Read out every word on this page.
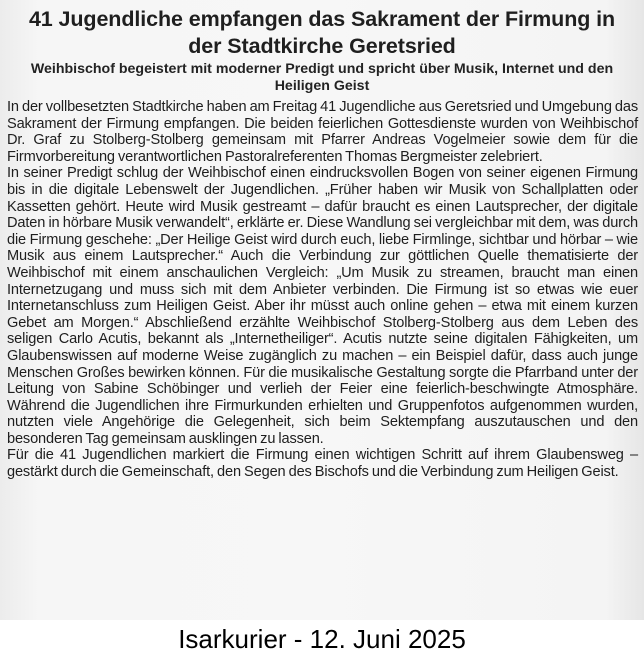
41 Jugendliche empfangen das Sakrament der Firmung in der Stadtkirche Geretsried
Weihbischof begeistert mit moderner Predigt und spricht über Musik, Internet und den Heiligen Geist

In der vollbesetzten Stadtkirche haben am Freitag 41 Jugendliche aus Geretsried und Umgebung das Sakrament der Firmung empfangen. Die beiden feierlichen Gottesdienste wurden von Weihbischof Dr. Graf zu Stolberg-Stolberg gemeinsam mit Pfarrer Andreas Vogelmeier sowie dem für die Firmvorbereitung verantwortlichen Pastoralreferenten Thomas Bergmeister zelebriert.

In seiner Predigt schlug der Weihbischof einen eindrucksvollen Bogen von seiner eigenen Firmung bis in die digitale Lebenswelt der Jugendlichen. „Früher haben wir Musik von Schallplatten oder Kassetten gehört. Heute wird Musik gestreamt – dafür braucht es einen Lautsprecher, der digitale Daten in hörbare Musik verwandelt“, erklärte er. Diese Wandlung sei vergleichbar mit dem, was durch die Firmung geschehe: „Der Heilige Geist wird durch euch, liebe Firmlinge, sichtbar und hörbar – wie Musik aus einem Lautsprecher.“ Auch die Verbindung zur göttlichen Quelle thematisierte der Weihbischof mit einem anschaulichen Vergleich: „Um Musik zu streamen, braucht man einen Internetzugang und muss sich mit dem Anbieter verbinden. Die Firmung ist so etwas wie euer Internetanschluss zum Heiligen Geist. Aber ihr müsst auch online gehen – etwa mit einem kurzen Gebet am Morgen.“ Abschließend erzählte Weihbischof Stolberg-Stolberg aus dem Leben des seligen Carlo Acutis, bekannt als „Internetheiliger“. Acutis nutzte seine digitalen Fähigkeiten, um Glaubenswissen auf moderne Weise zugänglich zu machen – ein Beispiel dafür, dass auch junge Menschen Großes bewirken können. Für die musikalische Gestaltung sorgte die Pfarrband unter der Leitung von Sabine Schöbinger und verlieh der Feier eine feierlich-beschwingte Atmosphäre. Während die Jugendlichen ihre Firmurkunden erhielten und Gruppenfotos aufgenommen wurden, nutzten viele Angehörige die Gelegenheit, sich beim Sektempfang auszutauschen und den besonderen Tag gemeinsam ausklingen zu lassen.

Für die 41 Jugendlichen markiert die Firmung einen wichtigen Schritt auf ihrem Glaubensweg – gestärkt durch die Gemeinschaft, den Segen des Bischofs und die Verbindung zum Heiligen Geist.

Isarkurier - 12. Juni 2025
